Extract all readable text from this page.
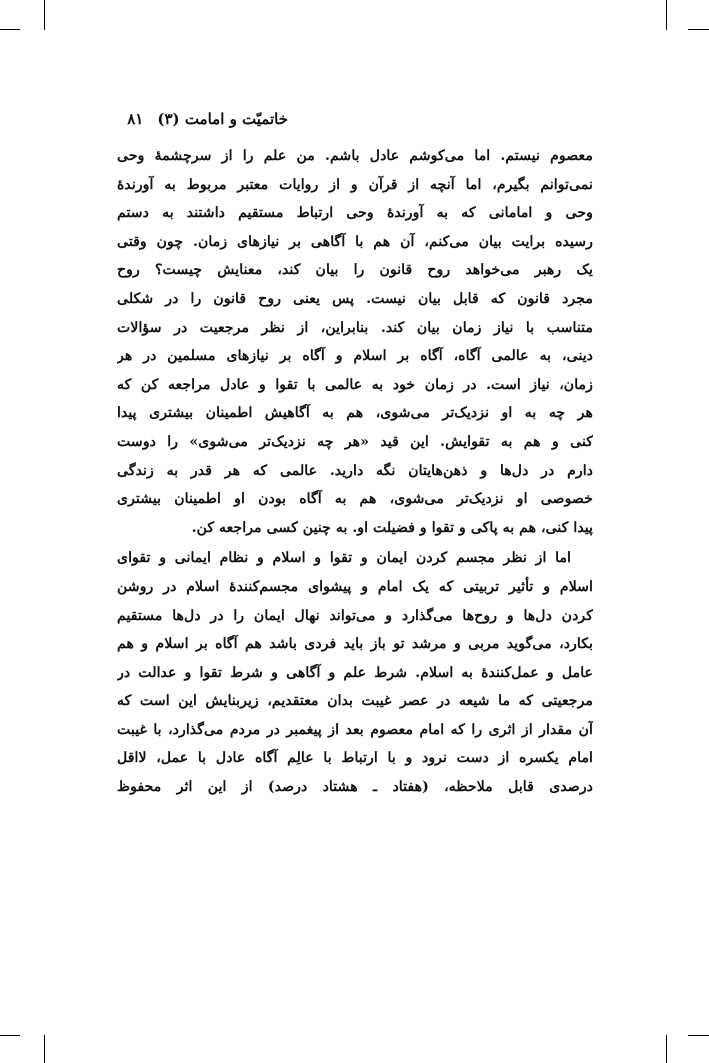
خاتمیّت و امامت (۳)
۸۱
معصوم نیستم. اما می‌کوشم عادل باشم. من علم را از سرچشمهٔ وحی
نمی‌توانم بگیرم، اما آنچه از قرآن و از روایات معتبر مربوط به آورندهٔ
وحی و امامانی که به آورندهٔ وحی ارتباط مستقیم داشتند به دستم
رسیده برایت بیان می‌کنم، آن هم با آگاهی بر نیازهای زمان. چون وقتی
یک رهبر می‌خواهد روح قانون را بیان کند، معنایش چیست؟ روح
مجرد قانون که قابل بیان نیست. پس یعنی روح قانون را در شکلی
متناسب با نیاز زمان بیان کند. بنابراین، از نظر مرجعیت در سؤالات
دینی، به عالمی آگاه، آگاه بر اسلام و آگاه بر نیازهای مسلمین در هر
زمان، نیاز است. در زمان خود به عالمی با تقوا و عادل مراجعه کن که
هر چه به او نزدیک‌تر می‌شوی، هم به آگاهیش اطمینان بیشتری پیدا
کنی و هم به تقوایش. این قید «هر چه نزدیک‌تر می‌شوی» را دوست
دارم در دل‌ها و ذهن‌هایتان نگه دارید. عالمی که هر قدر به زندگی
خصوصی او نزدیک‌تر می‌شوی، هم به آگاه بودن او اطمینان بیشتری
پیدا کنی، هم به پاکی و تقوا و فضیلت او. به چنین کسی مراجعه کن.
اما از نظر مجسم کردن ایمان و تقوا و اسلام و نظام ایمانی و تقوای
اسلام و تأثیر تربیتی که یک امام و پیشوای مجسم‌کنندهٔ اسلام در روشن
کردن دل‌ها و روح‌ها می‌گذارد و می‌تواند نهال ایمان را در دل‌ها مستقیم
بکارد، می‌گوید مربی و مرشد تو باز باید فردی باشد هم آگاه بر اسلام و هم
عامل و عمل‌کنندهٔ به اسلام. شرط علم و آگاهی و شرط تقوا و عدالت در
مرجعیتی که ما شیعه در عصر غیبت بدان معتقدیم، زیربنایش این است که
آن مقدار از اثری را که امام معصوم بعد از پیغمبر در مردم می‌گذارد، با غیبت
امام یکسره از دست نرود و با ارتباط با عالِم آگاه عادل با عمل، لااقل
درصدی قابل ملاحظه، (هفتاد ـ هشتاد درصد) از این اثر محفوظ
